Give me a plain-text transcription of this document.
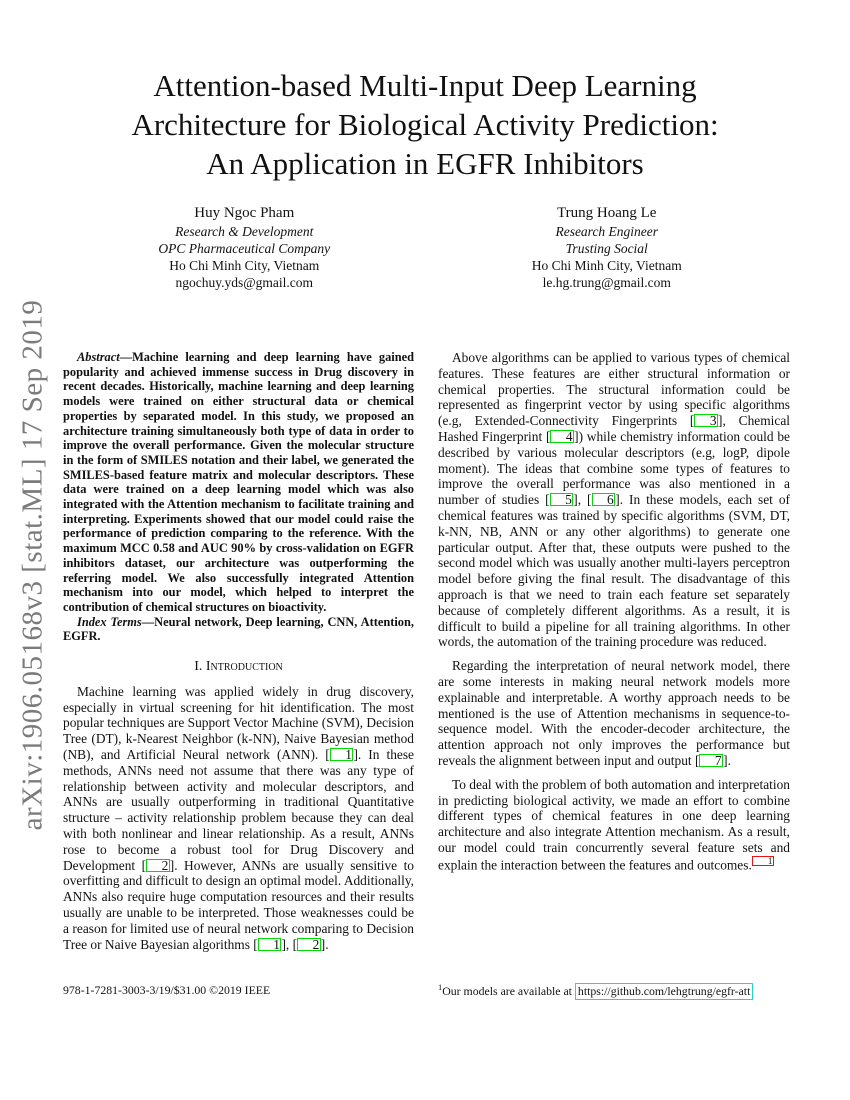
arXiv:1906.05168v3 [stat.ML] 17 Sep 2019
Attention-based Multi-Input Deep Learning
Architecture for Biological Activity Prediction:
An Application in EGFR Inhibitors
Huy Ngoc Pham
Research & Development
OPC Pharmaceutical Company
Ho Chi Minh City, Vietnam
ngochuy.yds@gmail.com
Trung Hoang Le
Research Engineer
Trusting Social
Ho Chi Minh City, Vietnam
le.hg.trung@gmail.com

Abstract—Machine learning and deep learning have gained popularity and achieved immense success in Drug discovery in recent decades. Historically, machine learning and deep learning models were trained on either structural data or chemical properties by separated model. In this study, we proposed an architecture training simultaneously both type of data in order to improve the overall performance. Given the molecular structure in the form of SMILES notation and their label, we generated the SMILES-based feature matrix and molecular descriptors. These data were trained on a deep learning model which was also integrated with the Attention mechanism to facilitate training and interpreting. Experiments showed that our model could raise the performance of prediction comparing to the reference. With the maximum MCC 0.58 and AUC 90% by cross-validation on EGFR inhibitors dataset, our architecture was outperforming the referring model. We also successfully integrated Attention mechanism into our model, which helped to interpret the contribution of chemical structures on bioactivity.

Index Terms—Neural network, Deep learning, CNN, Attention, EGFR.

I. Introduction

Machine learning was applied widely in drug discovery, especially in virtual screening for hit identification. The most popular techniques are Support Vector Machine (SVM), Decision Tree (DT), k-Nearest Neighbor (k-NN), Naive Bayesian method (NB), and Artificial Neural network (ANN). [ 1 ]. In these methods, ANNs need not assume that there was any type of relationship between activity and molecular descriptors, and ANNs are usually outperforming in traditional Quantitative structure – activity relationship problem because they can deal with both nonlinear and linear relationship. As a result, ANNs rose to become a robust tool for Drug Discovery and Development [ 2 ]. However, ANNs are usually sensitive to overfitting and difficult to design an optimal model. Additionally, ANNs also require huge computation resources and their results usually are unable to be interpreted. Those weaknesses could be a reason for limited use of neural network comparing to Decision Tree or Naive Bayesian algorithms [ 1 ], [ 2 ].

Above algorithms can be applied to various types of chemical features. These features are either structural information or chemical properties. The structural information could be represented as fingerprint vector by using specific algorithms (e.g, Extended-Connectivity Fingerprints [ 3 ], Chemical Hashed Fingerprint [ 4 ]) while chemistry information could be described by various molecular descriptors (e.g, logP, dipole moment). The ideas that combine some types of features to improve the overall performance was also mentioned in a number of studies [ 5 ], [ 6 ]. In these models, each set of chemical features was trained by specific algorithms (SVM, DT, k-NN, NB, ANN or any other algorithms) to generate one particular output. After that, these outputs were pushed to the second model which was usually another multi-layers perceptron model before giving the final result. The disadvantage of this approach is that we need to train each feature set separately because of completely different algorithms. As a result, it is difficult to build a pipeline for all training algorithms. In other words, the automation of the training procedure was reduced.

Regarding the interpretation of neural network model, there are some interests in making neural network models more explainable and interpretable. A worthy approach needs to be mentioned is the use of Attention mechanisms in sequence-to-sequence model. With the encoder-decoder architecture, the attention approach not only improves the performance but reveals the alignment between input and output [ 7 ].

To deal with the problem of both automation and interpretation in predicting biological activity, we made an effort to combine different types of chemical features in one deep learning architecture and also integrate Attention mechanism. As a result, our model could train concurrently several feature sets and explain the interaction between the features and outcomes. 1

978-1-7281-3003-3/19/$31.00 ©2019 IEEE	$^1$Our models are available at https://github.com/lehgtrung/egfr-att
